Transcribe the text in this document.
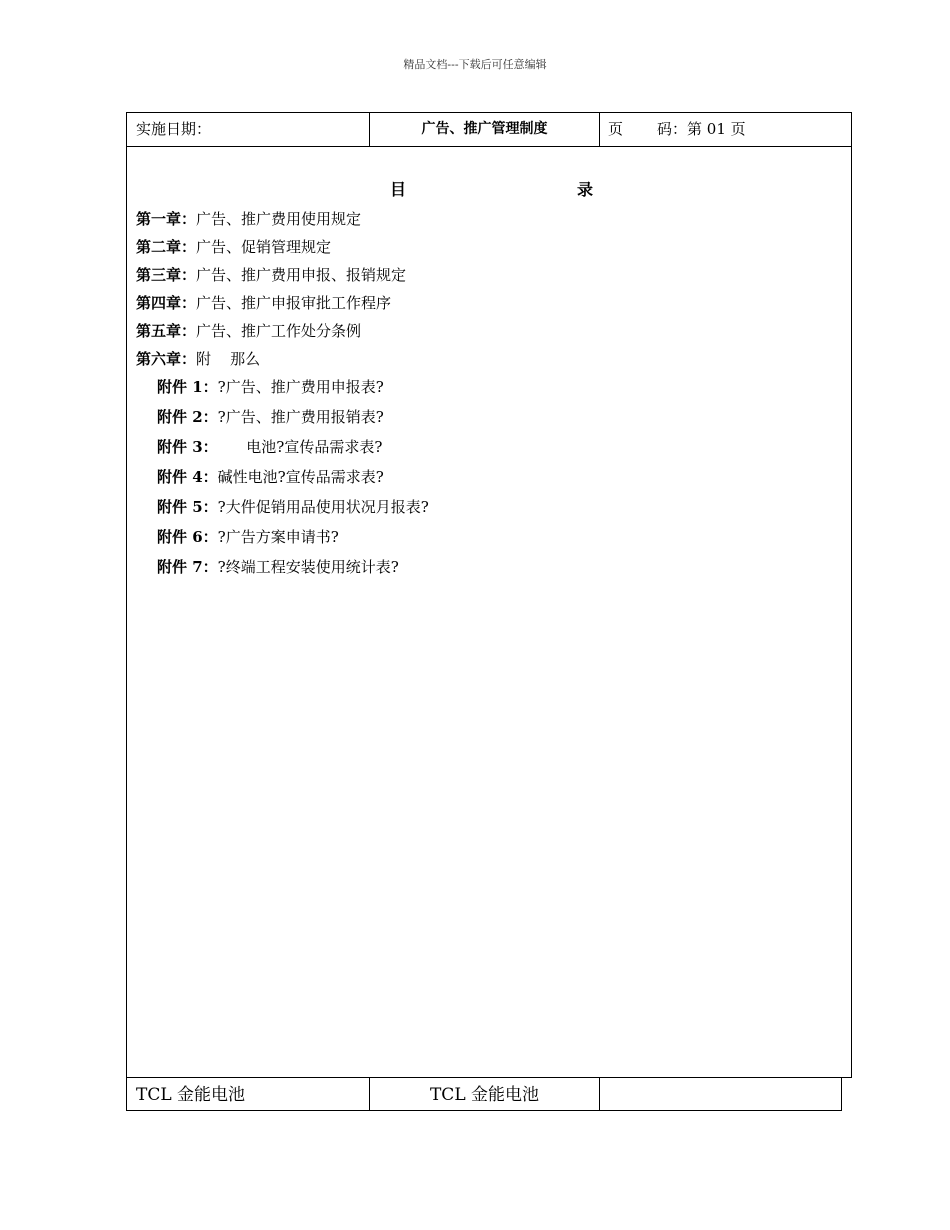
精品文档---下载后可任意编辑
实施日期：	广告、推广管理制度	页 码：第 01 页
目	录
第一章：广告、推广费用使用规定
第二章：广告、促销管理规定
第三章：广告、推广费用申报、报销规定
第四章：广告、推广申报审批工作程序
第五章：广告、推广工作处分条例
第六章：附    那么
附件 1：?广告、推广费用申报表?
附件 2：?广告、推广费用报销表?
附件 3：      电池?宣传品需求表?
附件 4：碱性电池?宣传品需求表?
附件 5：?大件促销用品使用状况月报表?
附件 6：?广告方案申请书?
附件 7：?终端工程安装使用统计表?
TCL 金能电池	TCL 金能电池
